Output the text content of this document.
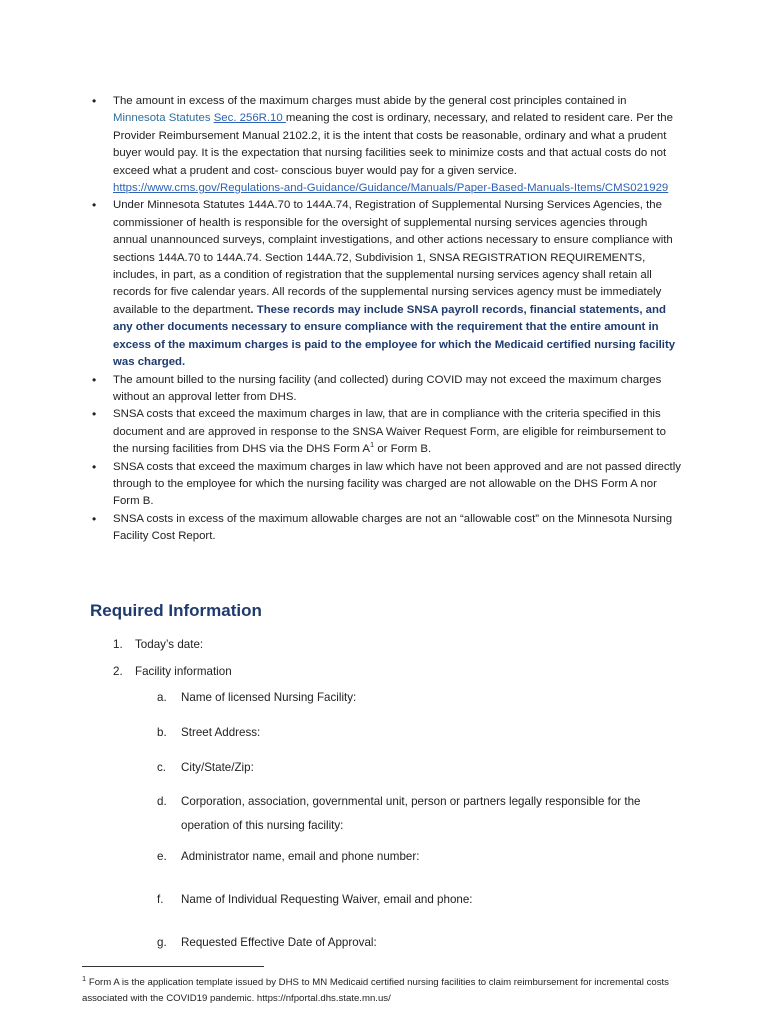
• The amount in excess of the maximum charges must abide by the general cost principles contained in Minnesota Statutes Sec. 256R.10 meaning the cost is ordinary, necessary, and related to resident care. Per the Provider Reimbursement Manual 2102.2, it is the intent that costs be reasonable, ordinary and what a prudent buyer would pay. It is the expectation that nursing facilities seek to minimize costs and that actual costs do not exceed what a prudent and cost- conscious buyer would pay for a given service. https://www.cms.gov/Regulations-and-Guidance/Guidance/Manuals/Paper-Based-Manuals-Items/CMS021929
• Under Minnesota Statutes 144A.70 to 144A.74, Registration of Supplemental Nursing Services Agencies, the commissioner of health is responsible for the oversight of supplemental nursing services agencies through annual unannounced surveys, complaint investigations, and other actions necessary to ensure compliance with sections 144A.70 to 144A.74. Section 144A.72, Subdivision 1, SNSA REGISTRATION REQUIREMENTS, includes, in part, as a condition of registration that the supplemental nursing services agency shall retain all records for five calendar years. All records of the supplemental nursing services agency must be immediately available to the department. These records may include SNSA payroll records, financial statements, and any other documents necessary to ensure compliance with the requirement that the entire amount in excess of the maximum charges is paid to the employee for which the Medicaid certified nursing facility was charged.
• The amount billed to the nursing facility (and collected) during COVID may not exceed the maximum charges without an approval letter from DHS.
• SNSA costs that exceed the maximum charges in law, that are in compliance with the criteria specified in this document and are approved in response to the SNSA Waiver Request Form, are eligible for reimbursement to the nursing facilities from DHS via the DHS Form $A^1$ or Form B.
• SNSA costs that exceed the maximum charges in law which have not been approved and are not passed directly through to the employee for which the nursing facility was charged are not allowable on the DHS Form A nor Form B.
• SNSA costs in excess of the maximum allowable charges are not an “allowable cost” on the Minnesota Nursing Facility Cost Report.
Required Information
1. Today’s date:
2. Facility information
a. Name of licensed Nursing Facility:
b. Street Address:
c. City/State/Zip:
d. Corporation, association, governmental unit, person or partners legally responsible for the operation of this nursing facility:
e. Administrator name, email and phone number:
f. Name of Individual Requesting Waiver, email and phone:
g. Requested Effective Date of Approval:
$^1$ Form A is the application template issued by DHS to MN Medicaid certified nursing facilities to claim reimbursement for incremental costs associated with the COVID19 pandemic. https://nfportal.dhs.state.mn.us/
